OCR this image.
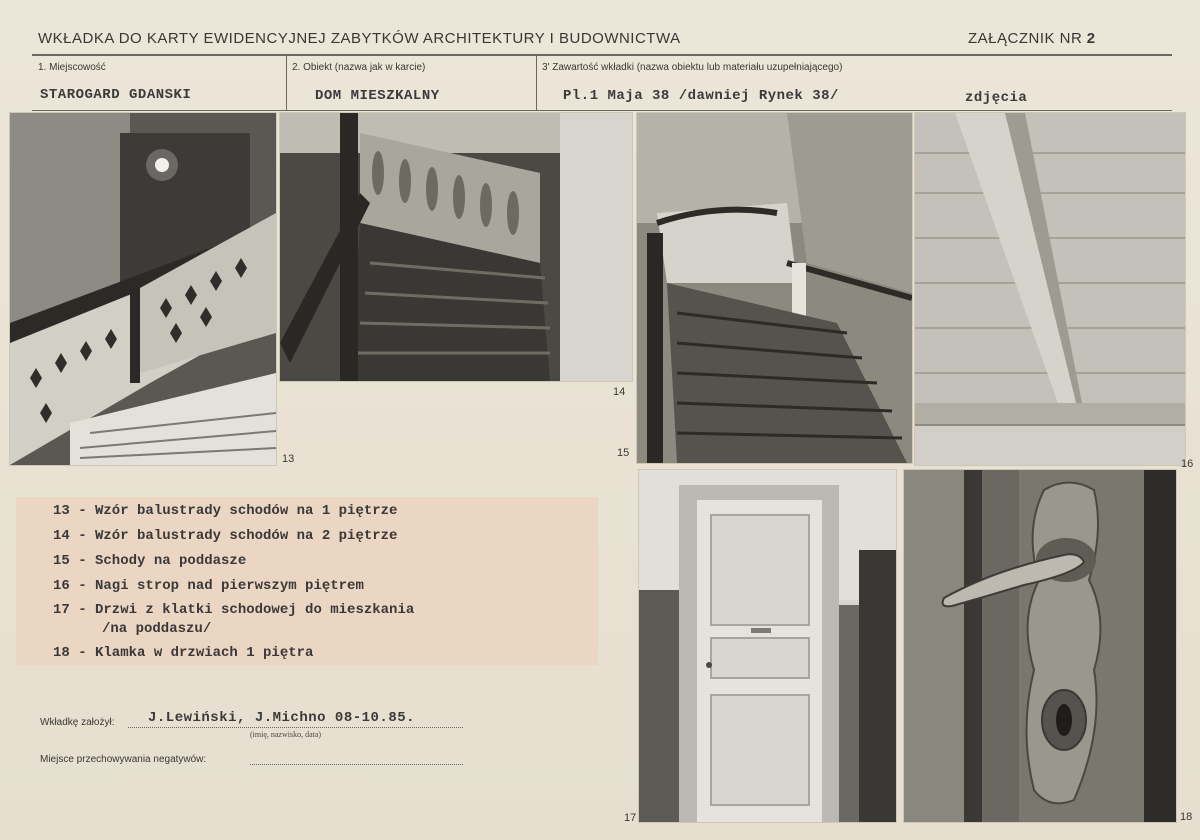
WKŁADKA DO KARTY EWIDENCYJNEJ ZABYTKÓW ARCHITEKTURY I BUDOWNICTWA	ZAŁĄCZNIK NR 2
1. Miejscowość	2. Obiekt (nazwa jak w karcie)	3' Zawartość wkładki (nazwa obiektu lub materiału uzupełniającego)
STAROGARD GDANSKI	DOM MIESZKALNY	Pl.1 Maja 38 /dawniej Rynek 38/	zdjęcia
13
14
15
16
17	18
13 - Wzór balustrady schodów na 1 piętrze
14 - Wzór balustrady schodów na 2 piętrze
15 - Schody na poddasze
16 - Nagi strop nad pierwszym piętrem
17 - Drzwi z klatki schodowej do mieszkania
/na poddaszu/
18 - Klamka w drzwiach 1 piętra
Wkładkę założył: J.Lewiński, J.Michno 08-10.85.
(imię, nazwisko, data)
Miejsce przechowywania negatywów:
